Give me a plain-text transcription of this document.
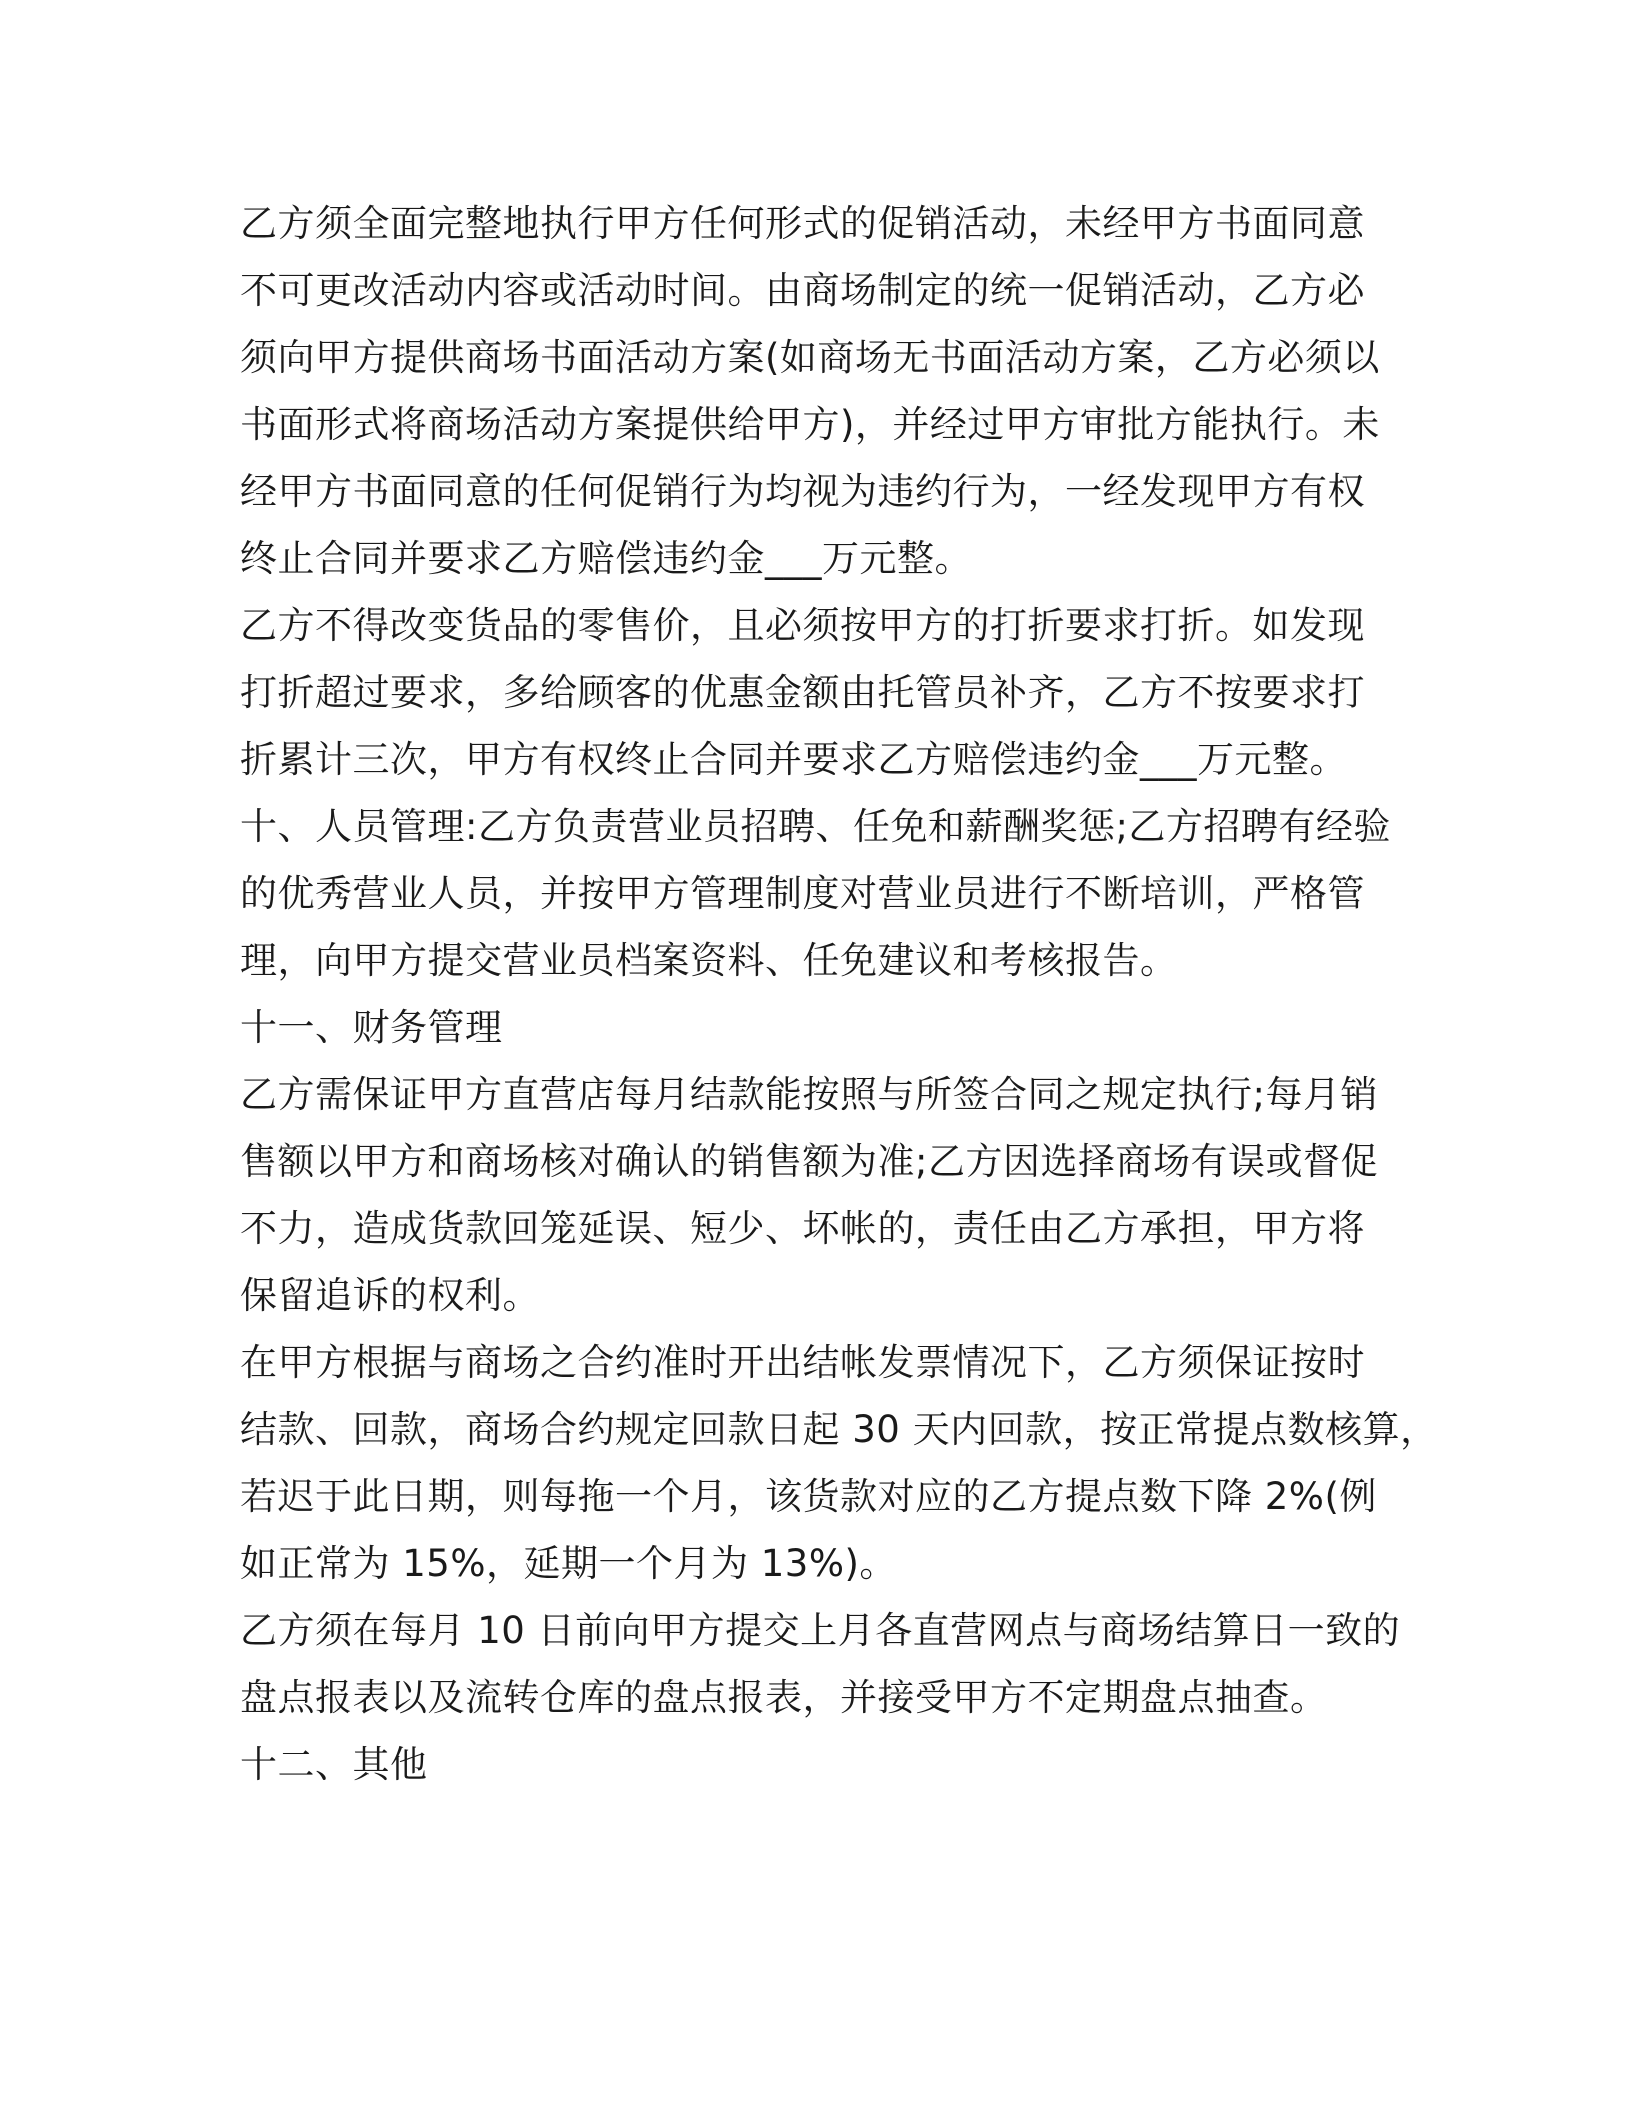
乙方须全面完整地执行甲方任何形式的促销活动，未经甲方书面同意
不可更改活动内容或活动时间。由商场制定的统一促销活动，乙方必
须向甲方提供商场书面活动方案(如商场无书面活动方案，乙方必须以
书面形式将商场活动方案提供给甲方)，并经过甲方审批方能执行。未
经甲方书面同意的任何促销行为均视为违约行为，一经发现甲方有权
终止合同并要求乙方赔偿违约金___万元整。
乙方不得改变货品的零售价，且必须按甲方的打折要求打折。如发现
打折超过要求，多给顾客的优惠金额由托管员补齐，乙方不按要求打
折累计三次，甲方有权终止合同并要求乙方赔偿违约金___万元整。
十、人员管理:乙方负责营业员招聘、任免和薪酬奖惩;乙方招聘有经验
的优秀营业人员，并按甲方管理制度对营业员进行不断培训，严格管
理，向甲方提交营业员档案资料、任免建议和考核报告。
十一、财务管理
乙方需保证甲方直营店每月结款能按照与所签合同之规定执行;每月销
售额以甲方和商场核对确认的销售额为准;乙方因选择商场有误或督促
不力，造成货款回笼延误、短少、坏帐的，责任由乙方承担，甲方将
保留追诉的权利。
在甲方根据与商场之合约准时开出结帐发票情况下，乙方须保证按时
结款、回款，商场合约规定回款日起 30 天内回款，按正常提点数核算，
若迟于此日期，则每拖一个月，该货款对应的乙方提点数下降 2%(例
如正常为 15%，延期一个月为 13%)。
乙方须在每月 10 日前向甲方提交上月各直营网点与商场结算日一致的
盘点报表以及流转仓库的盘点报表，并接受甲方不定期盘点抽查。
十二、其他
